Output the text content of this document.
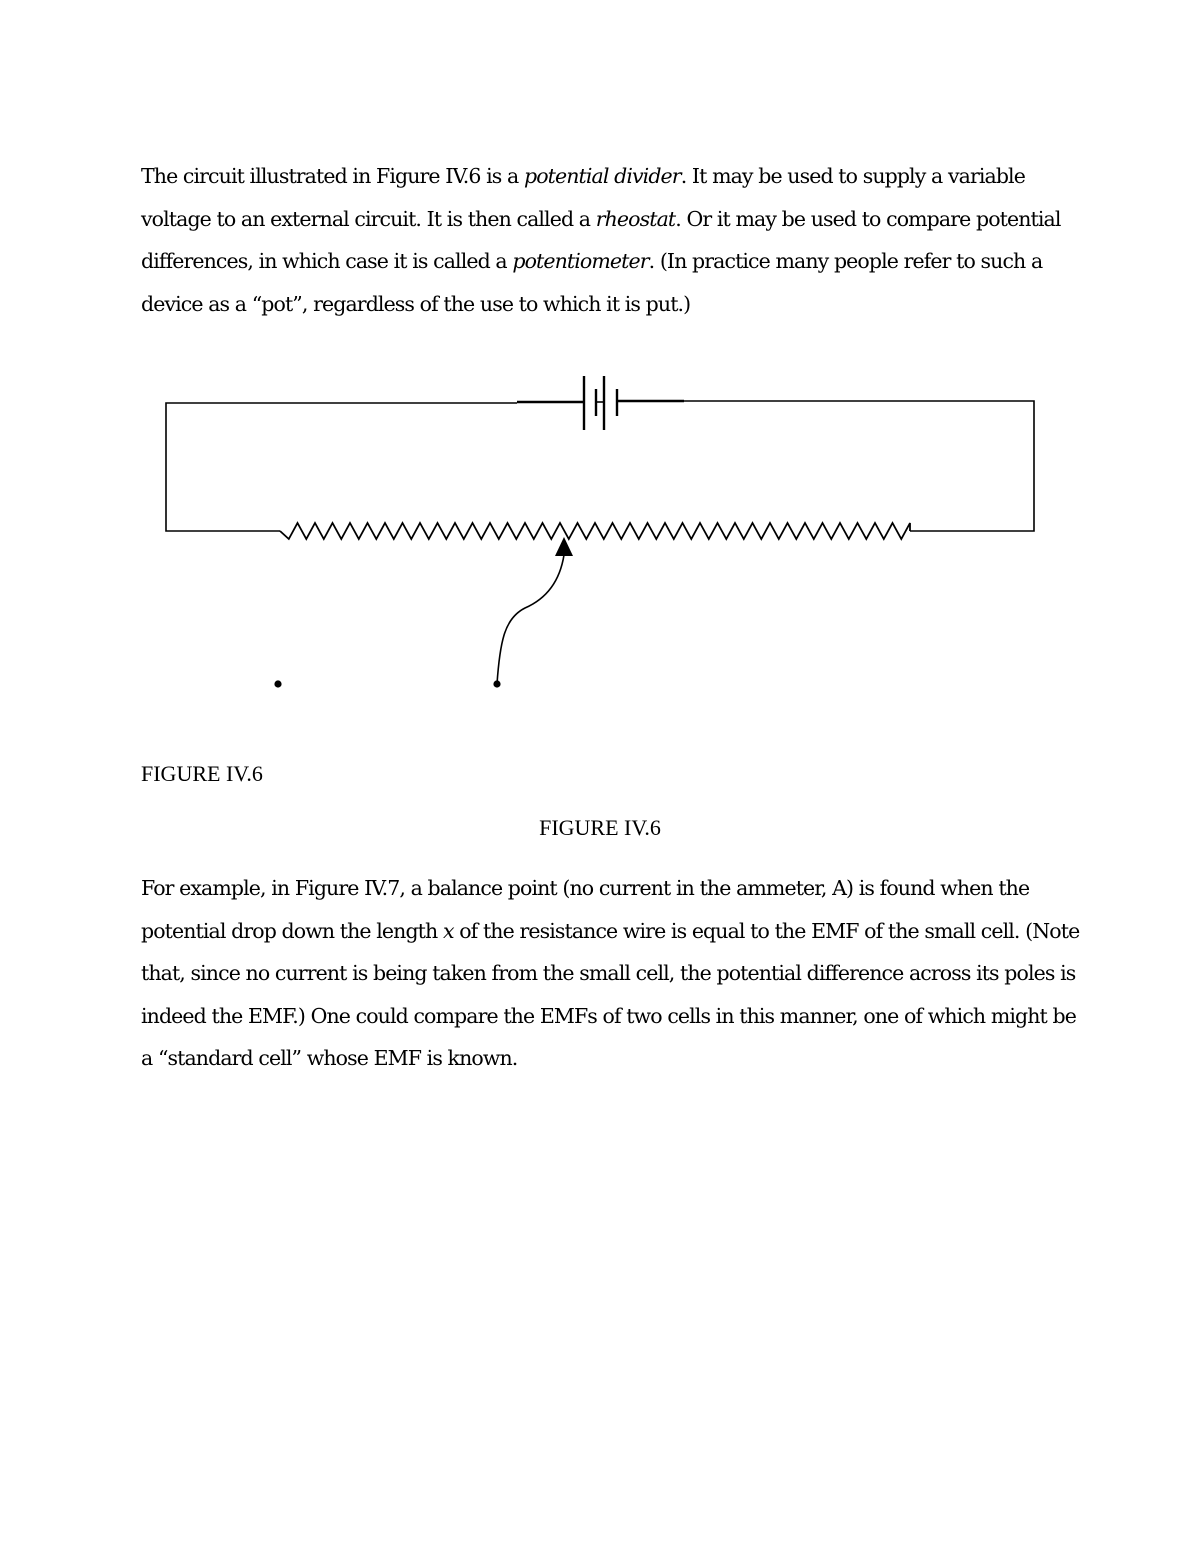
The circuit illustrated in Figure IV.6 is a potential divider. It may be used to supply a variable voltage to an external circuit. It is then called a rheostat. Or it may be used to compare potential differences, in which case it is called a potentiometer. (In practice many people refer to such a device as a “pot”, regardless of the use to which it is put.)

FIGURE IV.6

FIGURE IV.6

For example, in Figure IV.7, a balance point (no current in the ammeter, A) is found when the potential drop down the length x of the resistance wire is equal to the EMF of the small cell. (Note that, since no current is being taken from the small cell, the potential difference across its poles is indeed the EMF.) One could compare the EMFs of two cells in this manner, one of which might be a “standard cell” whose EMF is known.
